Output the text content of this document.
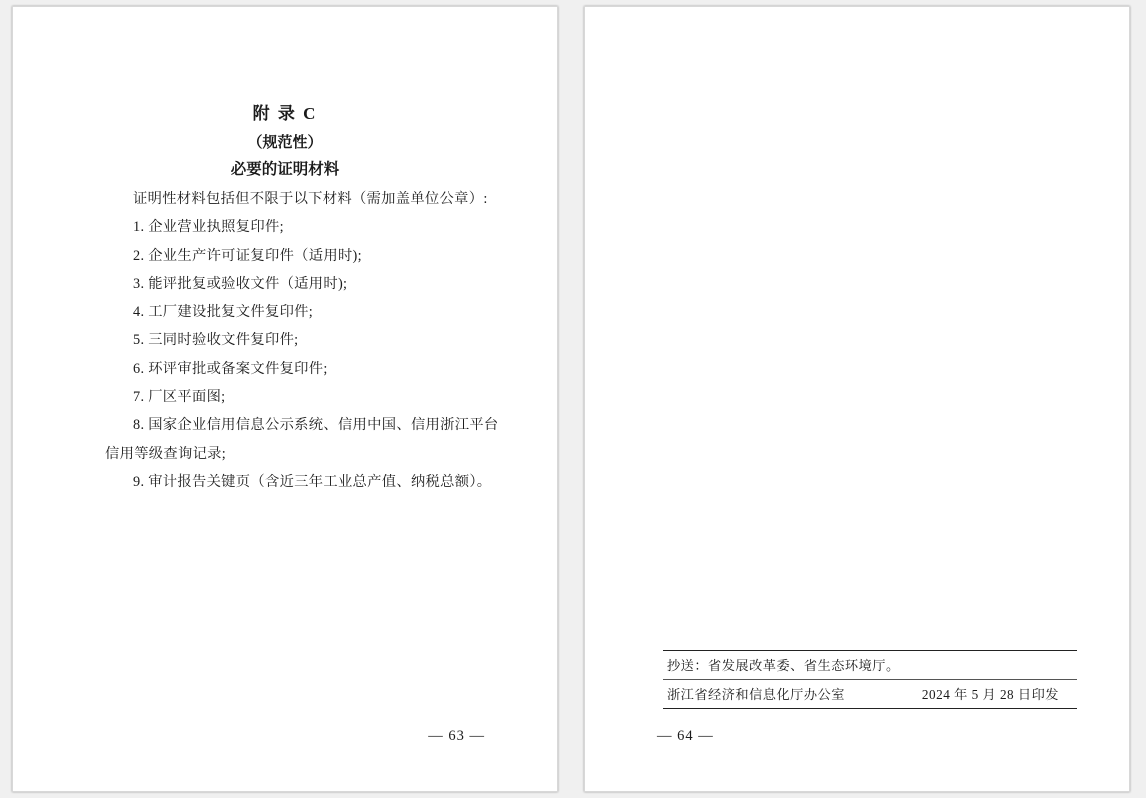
附 录 C
（规范性）
必要的证明材料

证明性材料包括但不限于以下材料（需加盖单位公章）:

1. 企业营业执照复印件;

2. 企业生产许可证复印件（适用时);

3. 能评批复或验收文件（适用时);

4. 工厂建设批复文件复印件;

5. 三同时验收文件复印件;

6. 环评审批或备案文件复印件;

7. 厂区平面图;

8. 国家企业信用信息公示系统、信用中国、信用浙江平台

信用等级查询记录;

9. 审计报告关键页（含近三年工业总产值、纳税总额）。

— 63 —
抄送：省发展改革委、省生态环境厅。
浙江省经济和信息化厅办公室	2024 年 5 月 28 日印发
— 64 —
